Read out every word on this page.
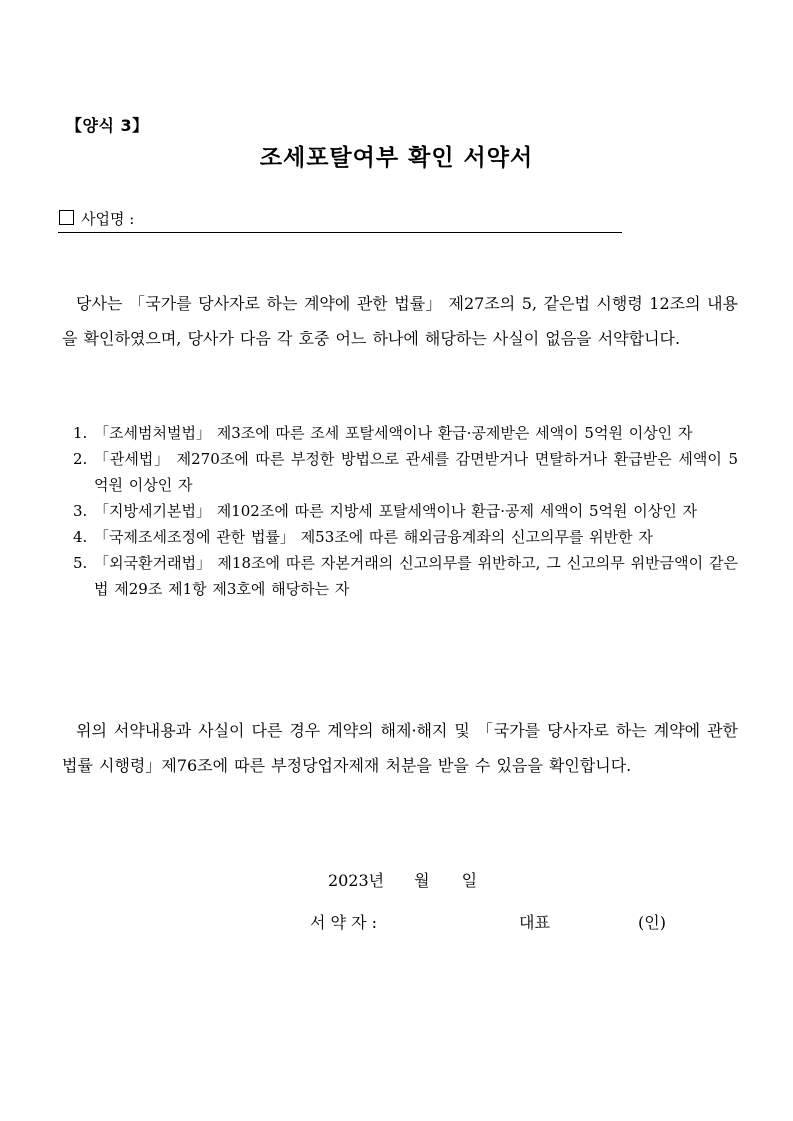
【양식 3】
조세포탈여부 확인 서약서
사업명 :
당사는 「국가를 당사자로 하는 계약에 관한 법률」 제27조의 5, 같은법 시행령 12조의 내용을 확인하였으며, 당사가 다음 각 호중 어느 하나에 해당하는 사실이 없음을 서약합니다.
1. 「조세범처벌법」 제3조에 따른 조세 포탈세액이나 환급·공제받은 세액이 5억원 이상인 자
2. 「관세법」 제270조에 따른 부정한 방법으로 관세를 감면받거나 면탈하거나 환급받은 세액이 5억원 이상인 자
3. 「지방세기본법」 제102조에 따른 지방세 포탈세액이나 환급·공제 세액이 5억원 이상인 자
4. 「국제조세조정에 관한 법률」 제53조에 따른 해외금융계좌의 신고의무를 위반한 자
5. 「외국환거래법」 제18조에 따른 자본거래의 신고의무를 위반하고, 그 신고의무 위반금액이 같은 법 제29조 제1항 제3호에 해당하는 자
위의 서약내용과 사실이 다른 경우 계약의 해제·해지 및 「국가를 당사자로 하는 계약에 관한 법률 시행령」제76조에 따른 부정당업자제재 처분을 받을 수 있음을 확인합니다.
2023년 월 일
서 약 자 :	대표	(인)
